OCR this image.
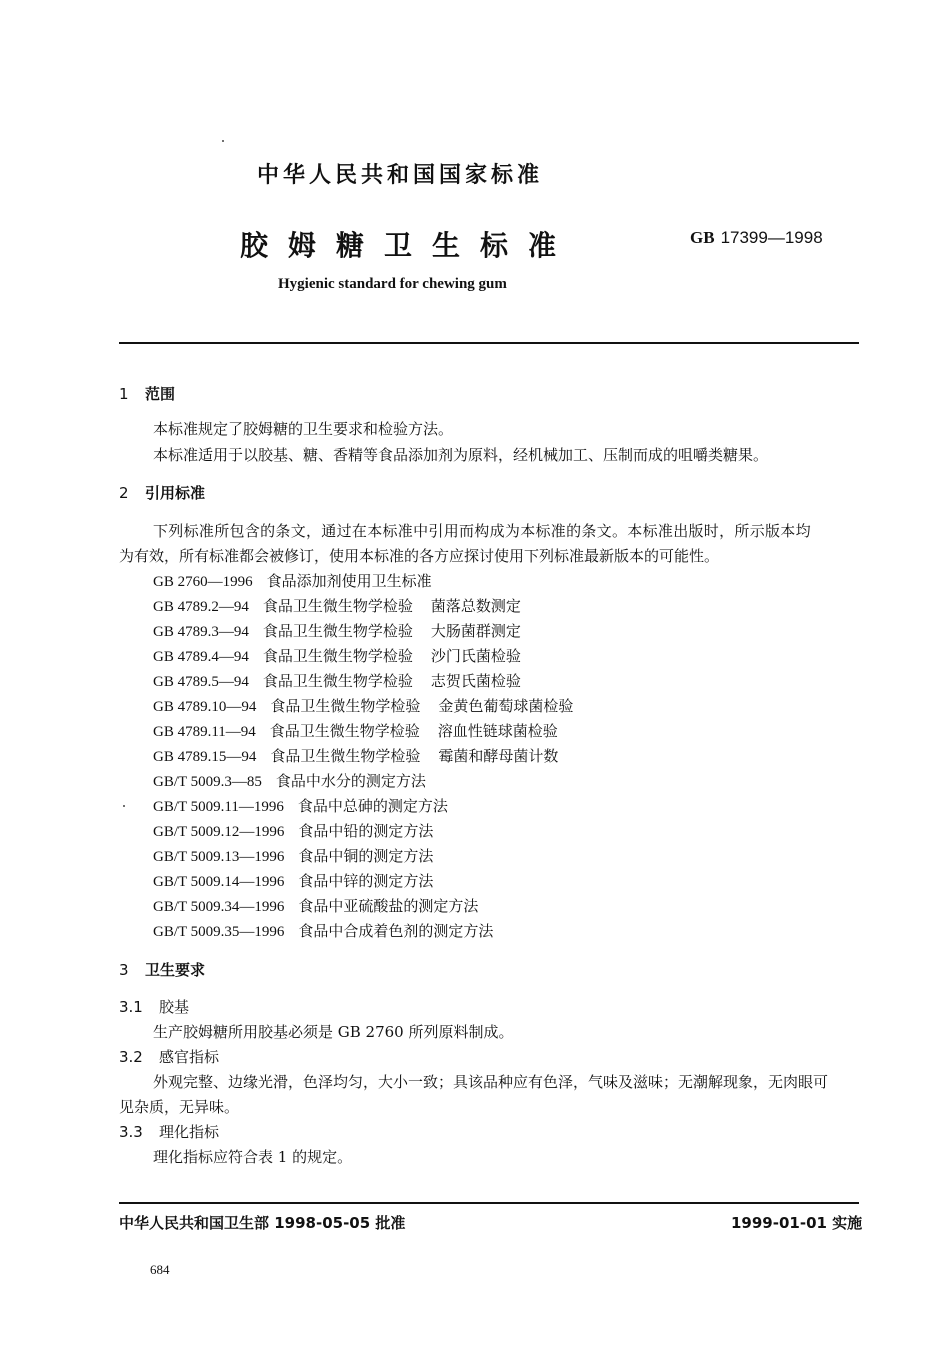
中华人民共和国国家标准
胶姆糖卫生标准	GB 17399—1998
Hygienic standard for chewing gum
1 范围
本标准规定了胶姆糖的卫生要求和检验方法。
本标准适用于以胶基、糖、香精等食品添加剂为原料，经机械加工、压制而成的咀嚼类糖果。
2 引用标准
下列标准所包含的条文，通过在本标准中引用而构成为本标准的条文。本标准出版时，所示版本均
为有效，所有标准都会被修订，使用本标准的各方应探讨使用下列标准最新版本的可能性。
GB 2760—1996 食品添加剂使用卫生标准
GB 4789.2—94 食品卫生微生物学检验 菌落总数测定
GB 4789.3—94 食品卫生微生物学检验 大肠菌群测定
GB 4789.4—94 食品卫生微生物学检验 沙门氏菌检验
GB 4789.5—94 食品卫生微生物学检验 志贺氏菌检验
GB 4789.10—94 食品卫生微生物学检验 金黄色葡萄球菌检验
GB 4789.11—94 食品卫生微生物学检验 溶血性链球菌检验
GB 4789.15—94 食品卫生微生物学检验 霉菌和酵母菌计数
GB/T 5009.3—85 食品中水分的测定方法
GB/T 5009.11—1996 食品中总砷的测定方法
GB/T 5009.12—1996 食品中铅的测定方法
GB/T 5009.13—1996 食品中铜的测定方法
GB/T 5009.14—1996 食品中锌的测定方法
GB/T 5009.34—1996 食品中亚硫酸盐的测定方法
GB/T 5009.35—1996 食品中合成着色剂的测定方法
3 卫生要求
3.1 胶基
生产胶姆糖所用胶基必须是 GB 2760 所列原料制成。
3.2 感官指标
外观完整、边缘光滑，色泽均匀，大小一致；具该品种应有色泽，气味及滋味；无潮解现象，无肉眼可
见杂质，无异味。
3.3 理化指标
理化指标应符合表 1 的规定。
中华人民共和国卫生部 1998-05-05 批准	1999-01-01 实施
684
